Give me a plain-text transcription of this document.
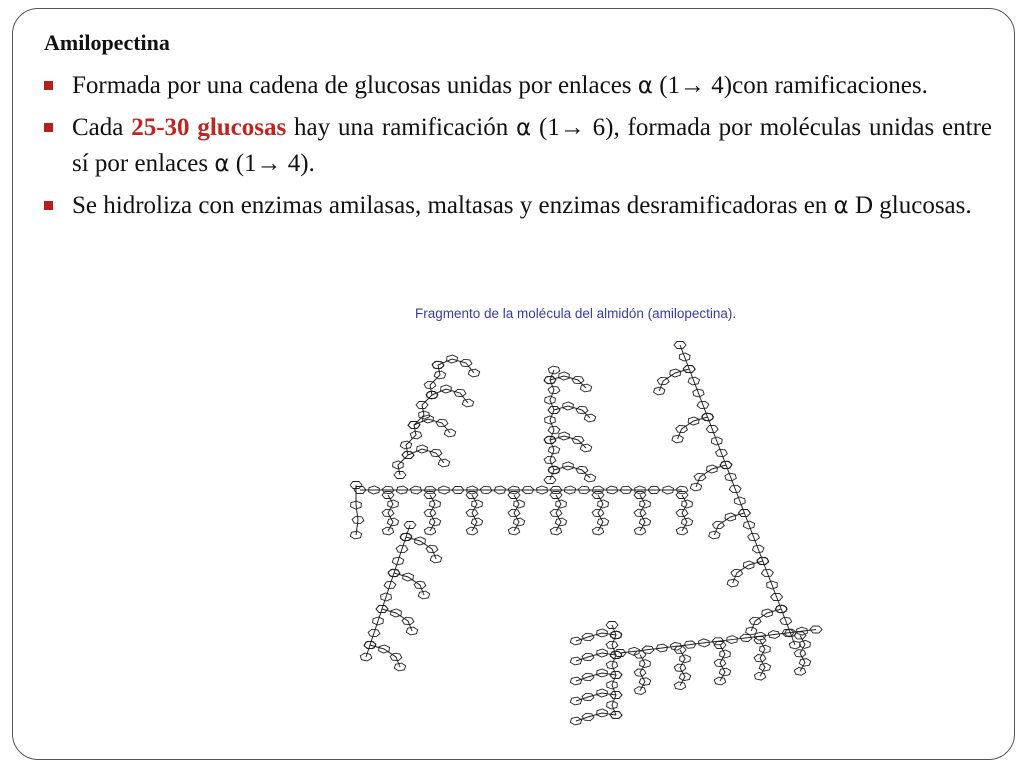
Amilopectina
Formada por una cadena de glucosas unidas por enlaces α (1→ 4)con ramificaciones.
Cada 25-30 glucosas hay una ramificación α (1→ 6), formada por moléculas unidas entre sí por enlaces α (1→ 4).
Se hidroliza con enzimas amilasas, maltasas y enzimas desramificadoras en α D glucosas.
Fragmento de la molécula del almidón (amilopectina).
